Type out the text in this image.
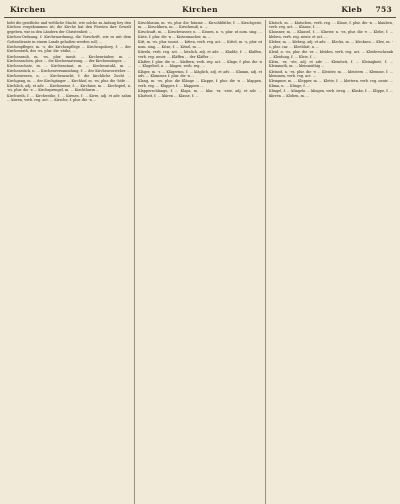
Kirchen	Kirchen	Kleb 753

hebt die geistliche und weltliche Macht, wie solche zu Anfang bey den Kirchen vorgekommen ist; die Kirche hat den Fürsten ihre Gewalt gegeben, wie in den Ländern der Christenheit ...

Kirchen-Ordnung, f. Kirchenordnung, die Vorschrift, wie es mit dem Gottesdienste in einem Lande gehalten werden soll; ...

Kirchenpfleger, m. -s, die Kirchenpflege ... Kirchenpolizey, f. ... der Kirchenrath, des -es, plur. die -räthe, ...

Kirchenraub, m. -es, plur. inusit. ... Kirchenräuber, m. ... Kirchensachen, plur. ... die Kirchensatzung, ... der Kirchensänger, ...

Kirchenschatz, m. ... Kirchenstaat, m. ... Kirchenstuhl, m. ... Kirchenstück, n. ... Kirchenversammlung, f. ... der Kirchenvorsteher ...

Kirchenwesen, n. ... Kirchenzucht, f. die kirchliche Zucht ... Kirchgang, m. ... der Kirchgänger ... Kirchhof, m. -es, plur. die -höfe ...

Kirchlich, adj. et adv. ... Kirchmesse, f. ... Kirchner, m. ... Kirchspiel, n. -es, plur. die -e ... Kirchsprengel, m. ... Kirchthurm ...

Kirchweih, f. ... Kirchweihe, f. ... Kirmes, f. ... Kirre, adj. et adv. zahm ... kirren, verb. reg. act. ... Kirsche, f. plur. die -n ...

Kirschbaum, m. -es, plur. die -bäume ... Kirschblüthe, f. ... Kirschgeist, m. ... Kirschkern, m. ... Kirschmuß, n. ...

Kirschsaft, m. ... Kirschwasser, n. ... Kissen, n. -s, plur. ut nom. sing. ... Kiste, f. plur. die -n ... Kistenmacher, m. ...

Kitt, m. -es, plur. inusit. ... kitten, verb. reg. act. ... Kittel, m. -s, plur. ut nom. sing. ... Kitze, f. ... Kitzel, m. ...

Kitzeln, verb. reg. act. ... kitzlich, adj. et adv. ... Kladde, f. ... Klaffen, verb. reg. neutr. ... Kläffen ... der Kläffer ...

Klafter, f. plur. die -n ... klaftern, verb. reg. act. ... Klage, f. plur. die -n ... Klagelied, n. ... klagen, verb. reg. ...

Kläger, m. -s ... Klägerinn, f. ... kläglich, adj. et adv. ... Klamm, adj. et adv. ... Klammer, f. plur. die -n ...

Klang, m. -es, plur. die Klänge ... Klappe, f. plur. die -n ... klappen, verb. reg. ... Klapper, f. ... klappern ...

Klapperschlange, f. ... Klaps, m. ... klar, -er, -este, adj. et adv. ... Klarheit, f. ... klären ... Klasse, f. ...

Klatsch, m. ... klatschen, verb. reg. ... Klaue, f. plur. die -n ... klauben, verb. reg. act. ... Klause, f. ...

Klausner, m. ... Klausel, f. ... Klavier, n. -es, plur. die -e ... Klebe, f. ... kleben, verb. reg. neutr. et act. ...

Kleber, m. ... klebrig, adj. et adv. ... Klecks, m. ... klecksen ... Klee, m. -s, plur. car. ... Kleeblatt, n. ...

Kleid, n. -es, plur. die -er ... kleiden, verb. reg. act. ... Kleiderschrank ... Kleidung, f. ... Kleie, f. ...

Klein, -er, -ste, adj. et adv. ... Kleinheit, f. ... Kleinigkeit, f. ... Kleinmuth, m. ... kleinmüthig ...

Kleinod, n. -es, plur. die -e ... Kleister, m. ... kleistern ... Klemme, f. ... klemmen, verb. reg. act. ...

Klempner, m. ... Klepper, m. ... Klette, f. ... klettern, verb. reg. neutr. ... Klima, n. ... Klinge, f. ...

Klingel, f. ... klingeln ... klingen, verb. irreg. ... Klinke, f. ... Klippe, f. ... klirren ... Kloben, m. ...
